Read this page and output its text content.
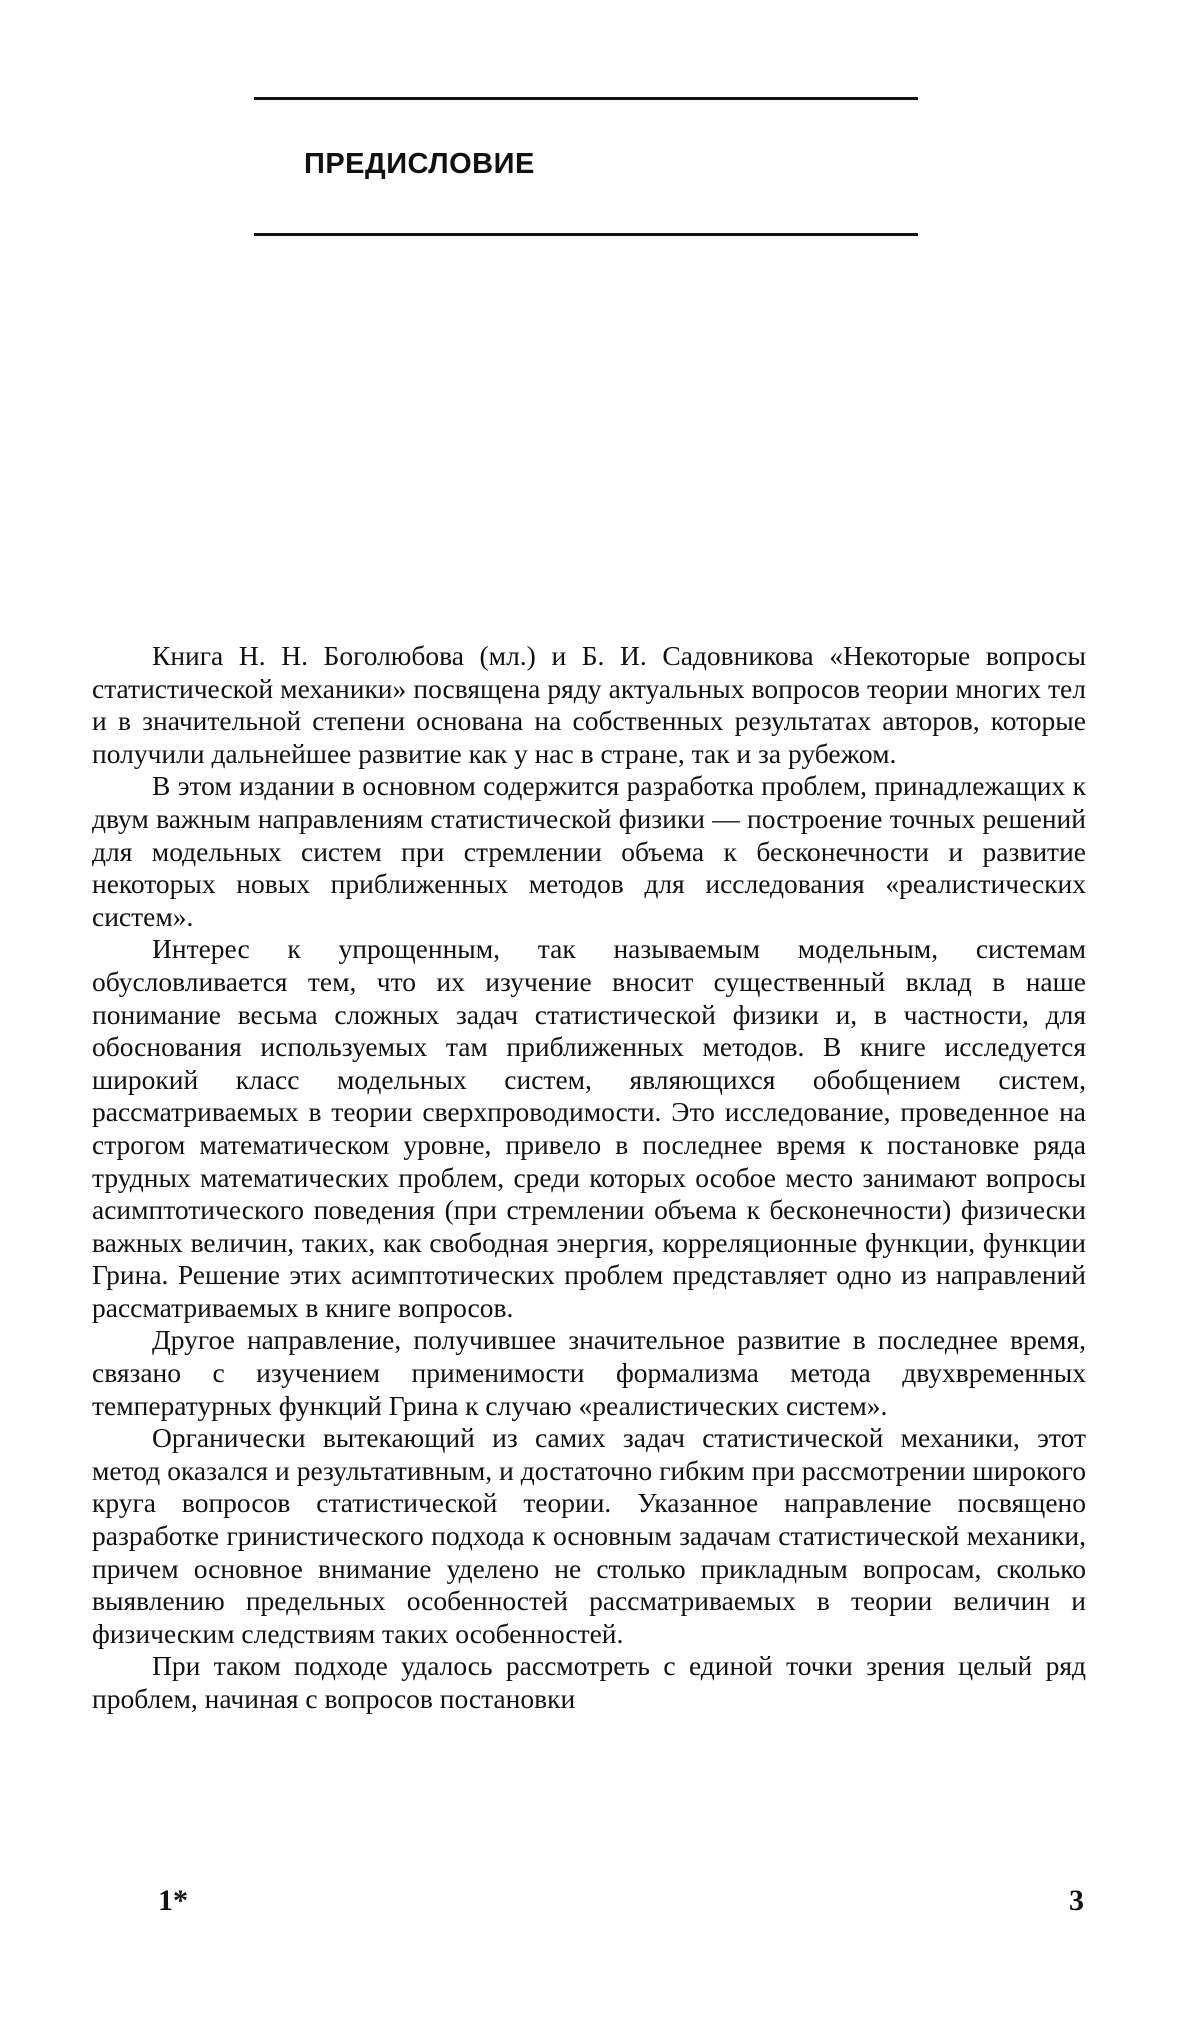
ПРЕДИСЛОВИЕ

Книга Н. Н. Боголюбова (мл.) и Б. И. Садовникова «Некоторые вопросы статистической механики» посвящена ряду актуальных вопросов теории многих тел и в значительной степени основана на собственных результатах авторов, которые получили дальнейшее развитие как у нас в стране, так и за рубежом.

В этом издании в основном содержится разработка проблем, принадлежащих к двум важным направлениям статистической физики — построение точных решений для модельных систем при стремлении объема к бесконечности и развитие некоторых новых приближенных методов для исследования «реалистических систем».

Интерес к упрощенным, так называемым модельным, системам обусловливается тем, что их изучение вносит существенный вклад в наше понимание весьма сложных задач статистической физики и, в частности, для обоснования используемых там приближенных методов. В книге исследуется широкий класс модельных систем, являющихся обобщением систем, рассматриваемых в теории сверхпроводимости. Это исследование, проведенное на строгом математическом уровне, привело в последнее время к постановке ряда трудных математических проблем, среди которых особое место занимают вопросы асимптотического поведения (при стремлении объема к бесконечности) физически важных величин, таких, как свободная энергия, корреляционные функции, функции Грина. Решение этих асимптотических проблем представляет одно из направлений рассматриваемых в книге вопросов.

Другое направление, получившее значительное развитие в последнее время, связано с изучением применимости формализма метода двухвременных температурных функций Грина к случаю «реалистических систем».

Органически вытекающий из самих задач статистической механики, этот метод оказался и результативным, и достаточно гибким при рассмотрении широкого круга вопросов статистической теории. Указанное направление посвящено разработке гринистического подхода к основным задачам статистической механики, причем основное внимание уделено не столько прикладным вопросам, сколько выявлению предельных особенностей рассматриваемых в теории величин и физическим следствиям таких особенностей.

При таком подходе удалось рассмотреть с единой точки зрения целый ряд проблем, начиная с вопросов постановки

1*	3
